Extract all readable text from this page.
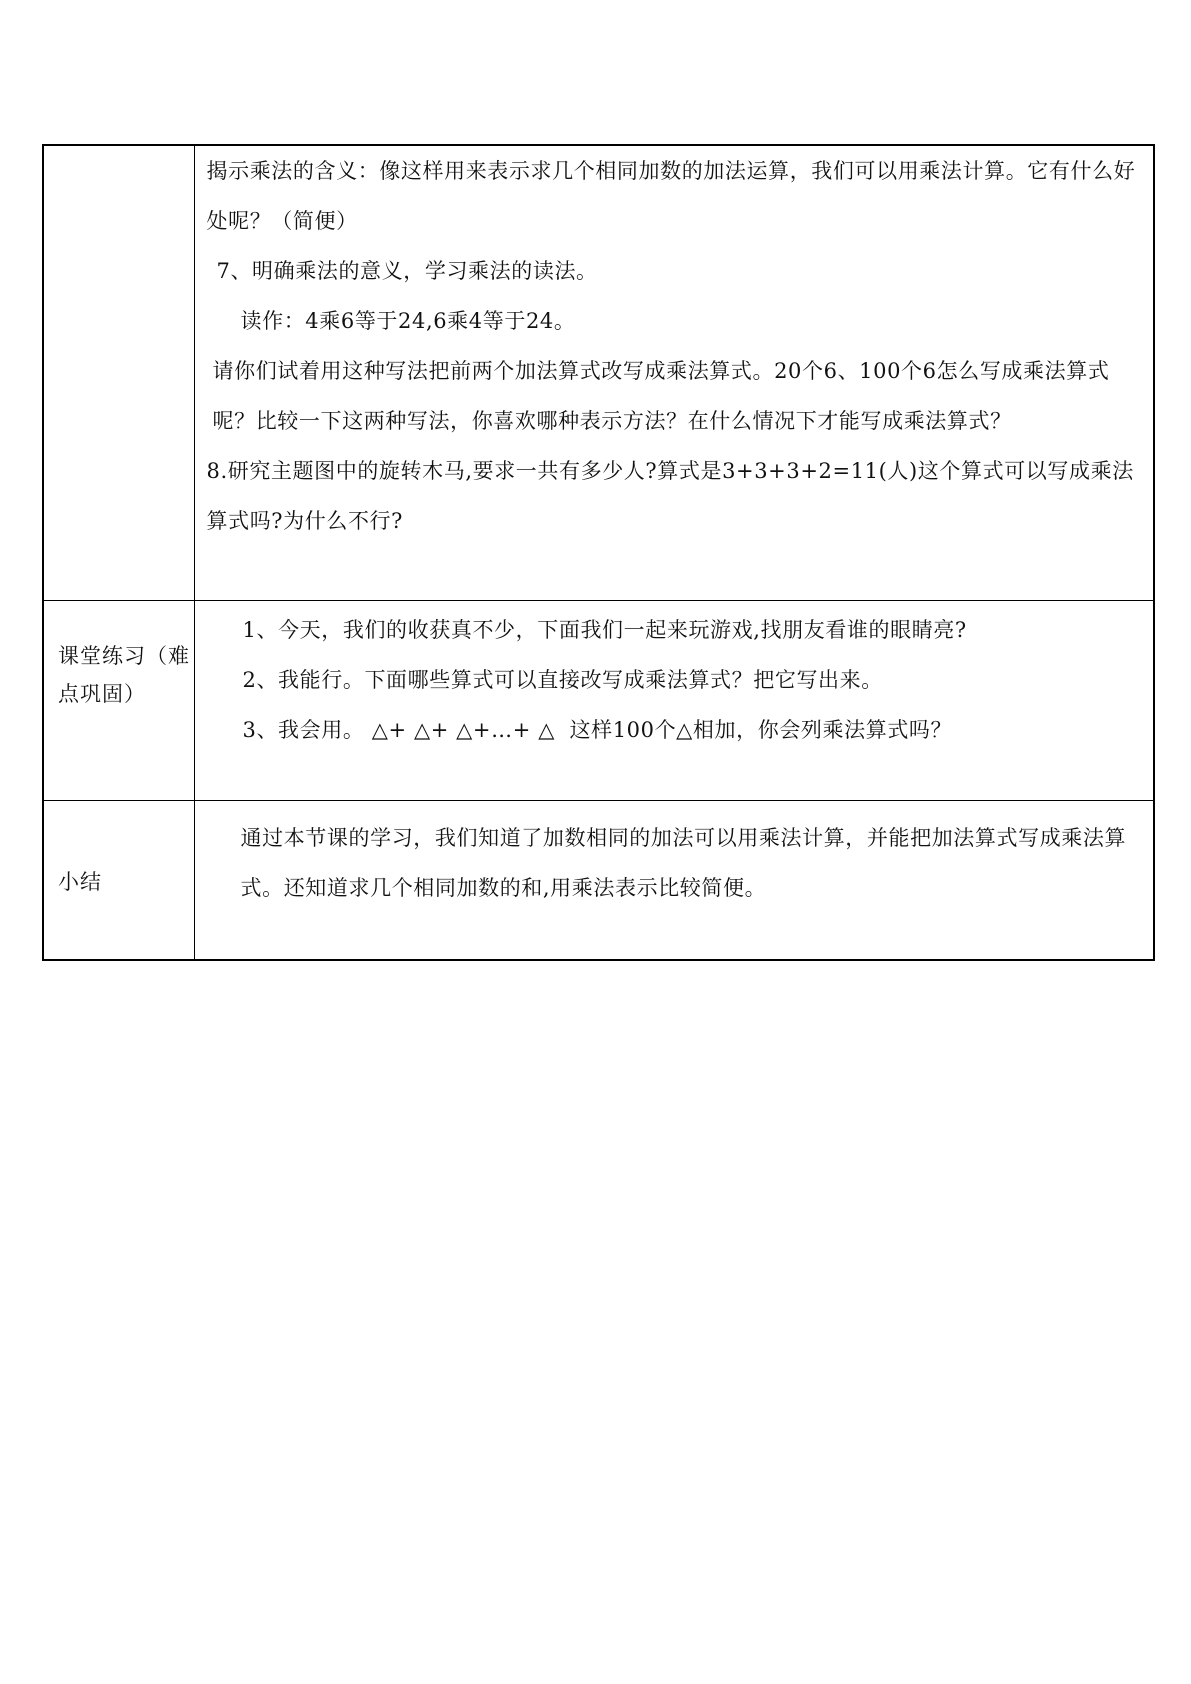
	揭示乘法的含义：像这样用来表示求几个相同加数的加法运算，我们可以用乘法计算。它有什么好处呢？（简便）
7、明确乘法的意义，学习乘法的读法。
读作：4乘6等于24,6乘4等于24。
请你们试着用这种写法把前两个加法算式改写成乘法算式。20个6、100个6怎么写成乘法算式呢？比较一下这两种写法，你喜欢哪种表示方法？在什么情况下才能写成乘法算式？
8.研究主题图中的旋转木马,要求一共有多少人?算式是3+3+3+2=11(人)这个算式可以写成乘法算式吗?为什么不行?

课堂练习（难点巩固）	1、今天，我们的收获真不少，下面我们一起来玩游戏,找朋友看谁的眼睛亮?
2、我能行。下面哪些算式可以直接改写成乘法算式？把它写出来。
3、我会用。 △+ △+ △+…+ △  这样100个△相加，你会列乘法算式吗？

小结	通过本节课的学习，我们知道了加数相同的加法可以用乘法计算，并能把加法算式写成乘法算式。还知道求几个相同加数的和,用乘法表示比较简便。
